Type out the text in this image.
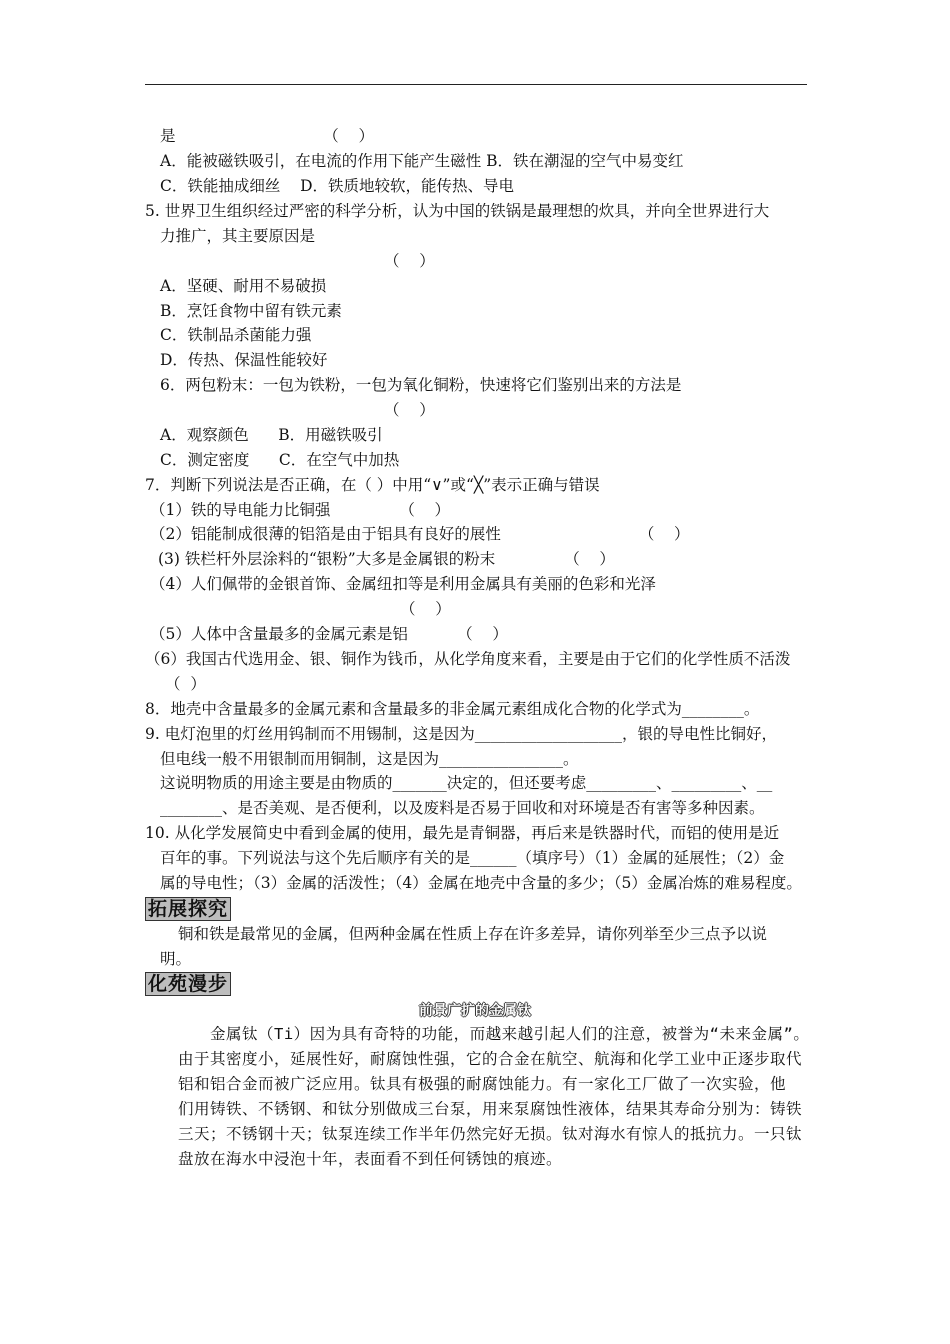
是                              （    ）
A．能被磁铁吸引，在电流的作用下能产生磁性 B．铁在潮湿的空气中易变红
C．铁能抽成细丝    D．铁质地较软，能传热、导电
5. 世界卫生组织经过严密的科学分析，认为中国的铁锅是最理想的炊具，并向全世界进行大
力推广，其主要原因是
（    ）
A．坚硬、耐用不易破损
B．烹饪食物中留有铁元素
C．铁制品杀菌能力强
D．传热、保温性能较好
6．两包粉末：一包为铁粉，一包为氧化铜粉，快速将它们鉴别出来的方法是
（    ）
A．观察颜色      B．用磁铁吸引
C．测定密度      C．在空气中加热
7．判断下列说法是否正确，在（ ）中用“∨”或“╳”表示正确与错误
（1）铁的导电能力比铜强              （    ）
（2）铝能制成很薄的铝箔是由于铝具有良好的展性                            （    ）
(3) 铁栏杆外层涂料的“银粉”大多是金属银的粉末              （    ）
（4）人们佩带的金银首饰、金属纽扣等是利用金属具有美丽的色彩和光泽
（    ）
（5）人体中含量最多的金属元素是铝          （    ）
（6）我国古代选用金、银、铜作为钱币，从化学角度来看，主要是由于它们的化学性质不活泼
（  ）
8．地壳中含量最多的金属元素和含量最多的非金属元素组成化合物的化学式为________。
9. 电灯泡里的灯丝用钨制而不用锡制，这是因为___________________，银的导电性比铜好，
但电线一般不用银制而用铜制，这是因为________________。
这说明物质的用途主要是由物质的_______决定的，但还要考虑_________、_________、__
________、是否美观、是否便利，以及废料是否易于回收和对环境是否有害等多种因素。
10. 从化学发展简史中看到金属的使用，最先是青铜器，再后来是铁器时代，而铝的使用是近
百年的事。下列说法与这个先后顺序有关的是______（填序号）（1）金属的延展性；（2）金
属的导电性；（3）金属的活泼性；（4）金属在地壳中含量的多少；（5）金属冶炼的难易程度。
拓展探究
铜和铁是最常见的金属，但两种金属在性质上存在许多差异，请你列举至少三点予以说
明。
化苑漫步
前景广扩的金属钛
金属钛（Ti）因为具有奇特的功能，而越来越引起人们的注意，被誉为“未来金属”。
由于其密度小，延展性好，耐腐蚀性强，它的合金在航空、航海和化学工业中正逐步取代
铝和铝合金而被广泛应用。钛具有极强的耐腐蚀能力。有一家化工厂做了一次实验，他
们用铸铁、不锈钢、和钛分别做成三台泵，用来泵腐蚀性液体，结果其寿命分别为：铸铁
三天；不锈钢十天；钛泵连续工作半年仍然完好无损。钛对海水有惊人的抵抗力。一只钛
盘放在海水中浸泡十年，表面看不到任何锈蚀的痕迹。
